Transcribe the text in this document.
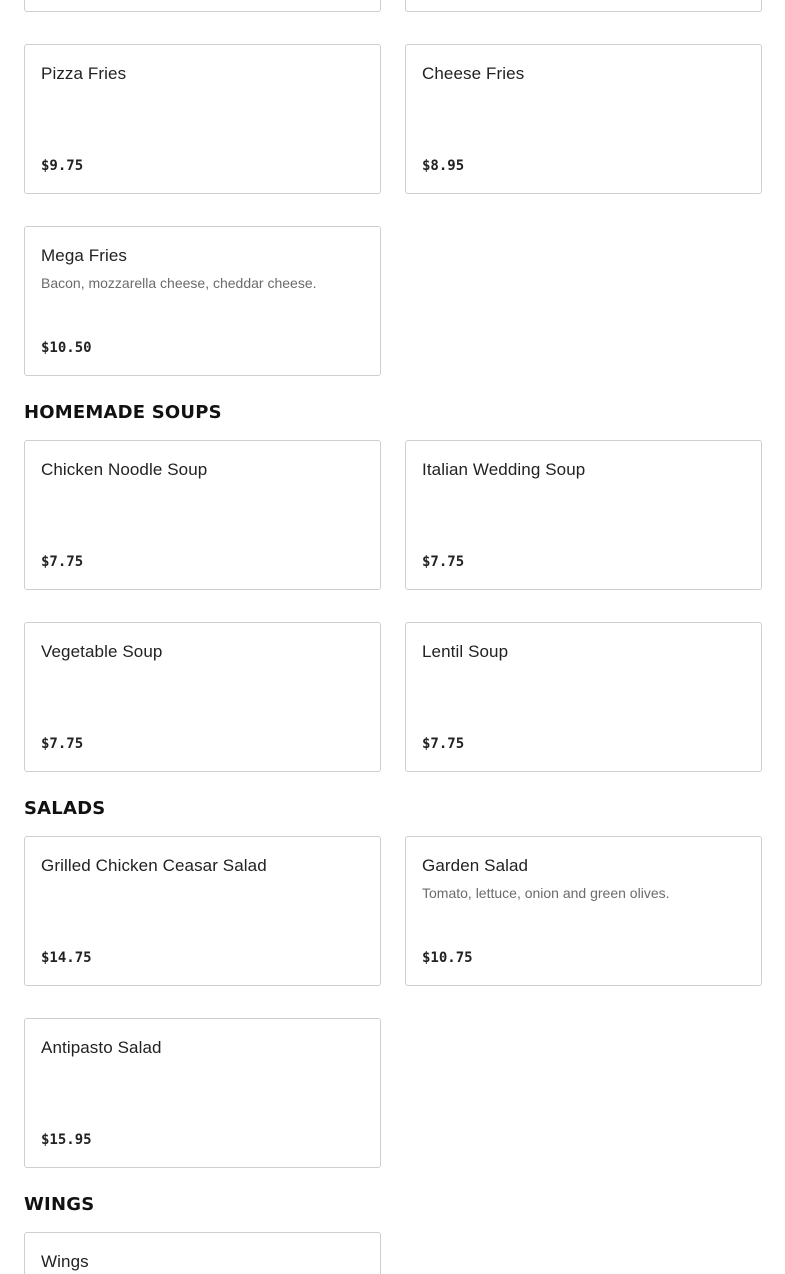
Pizza Fries
$9.75
Cheese Fries
$8.95
Mega Fries
Bacon, mozzarella cheese, cheddar cheese.
$10.50
HOMEMADE SOUPS
Chicken Noodle Soup
$7.75
Italian Wedding Soup
$7.75
Vegetable Soup
$7.75
Lentil Soup
$7.75
SALADS
Grilled Chicken Ceasar Salad
$14.75
Garden Salad
Tomato, lettuce, onion and green olives.
$10.75
Antipasto Salad
$15.95
WINGS
Wings
